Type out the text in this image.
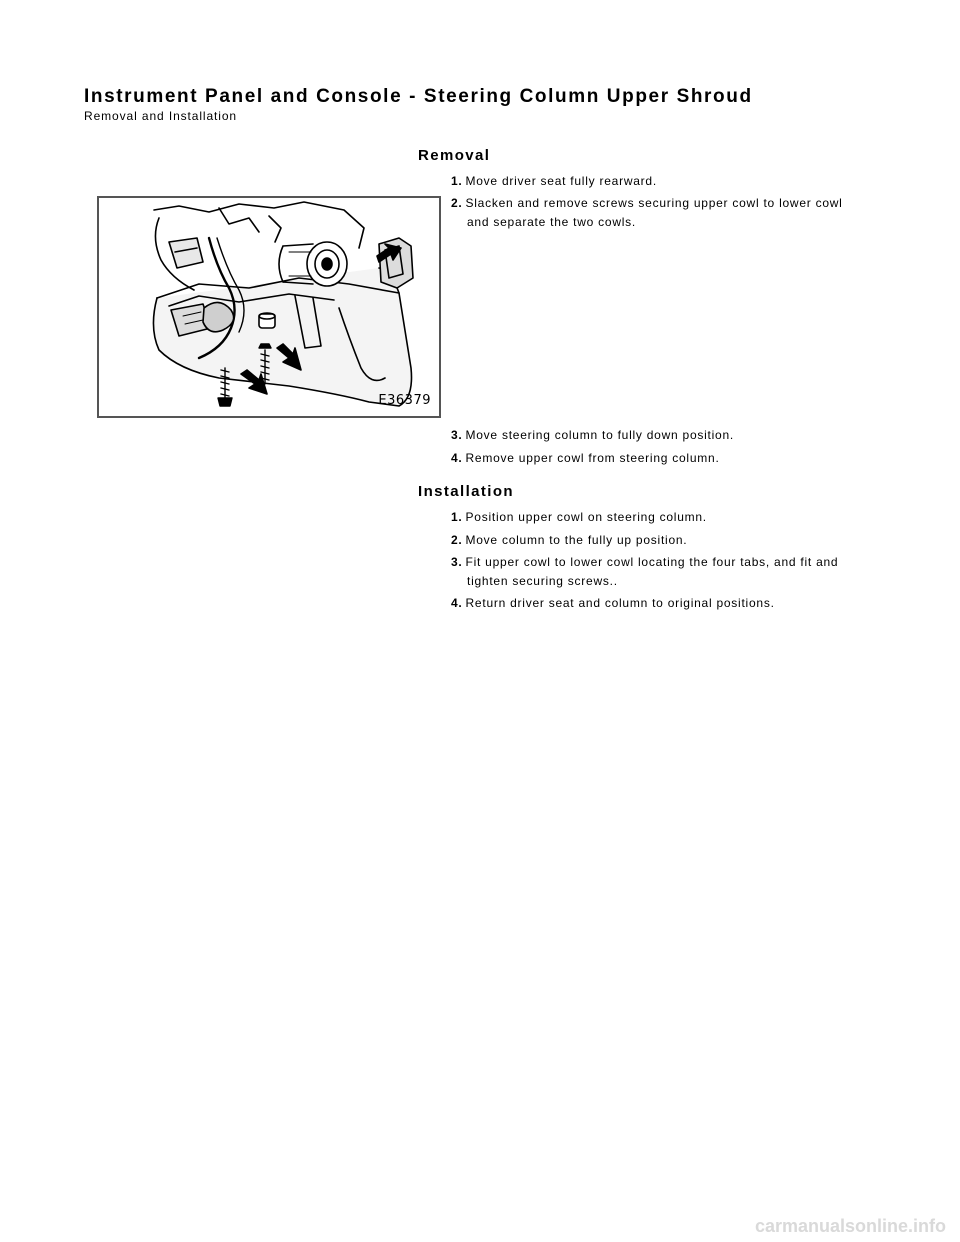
Instrument Panel and Console - Steering Column Upper Shroud
Removal and Installation
Removal
1. Move driver seat fully rearward.
2. Slacken and remove screws securing upper cowl to lower cowl
and separate the two cowls.
E36379
3. Move steering column to fully down position.
4. Remove upper cowl from steering column.
Installation
1. Position upper cowl on steering column.
2. Move column to the fully up position.
3. Fit upper cowl to lower cowl locating the four tabs, and fit and
tighten securing screws..
4. Return driver seat and column to original positions.
carmanualsonline.info
